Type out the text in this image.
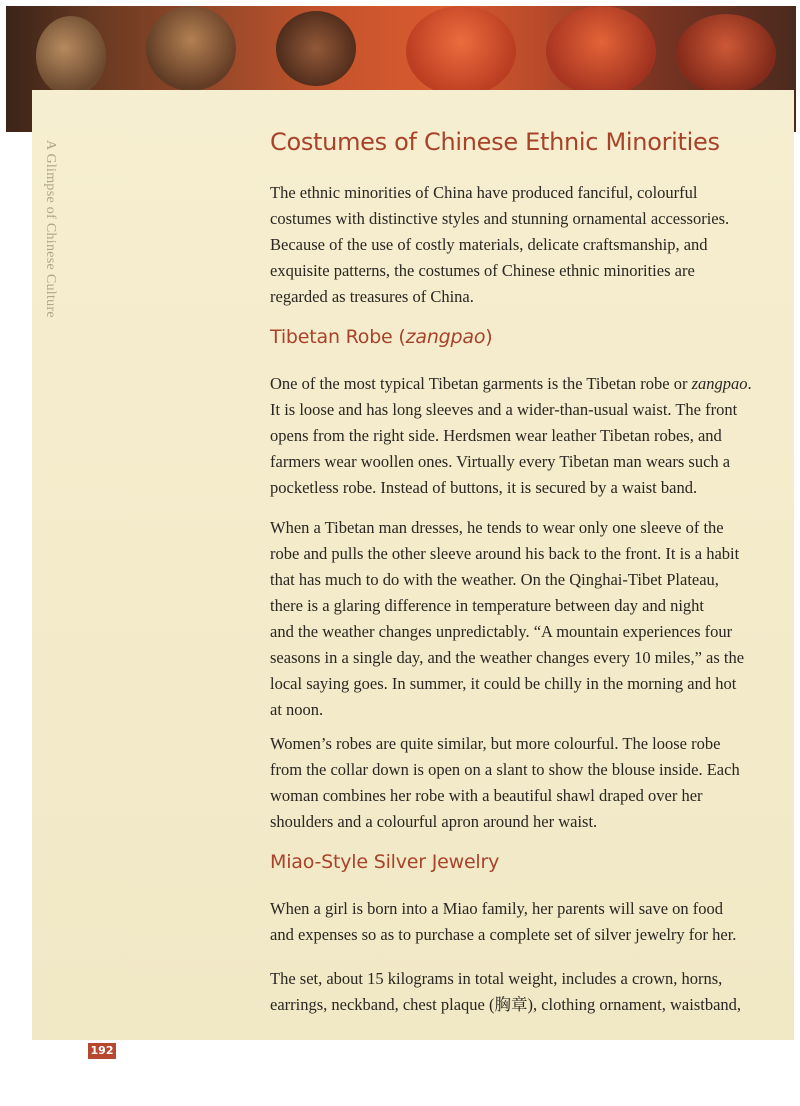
A Glimpse of Chinese Culture	Costumes of Chinese Ethnic Minorities

The ethnic minorities of China have produced fanciful, colourful
costumes with distinctive styles and stunning ornamental accessories.
Because of the use of costly materials, delicate craftsmanship, and
exquisite patterns, the costumes of Chinese ethnic minorities are
regarded as treasures of China.

Tibetan Robe (zangpao)

One of the most typical Tibetan garments is the Tibetan robe or zangpao.
It is loose and has long sleeves and a wider-than-usual waist. The front
opens from the right side. Herdsmen wear leather Tibetan robes, and
farmers wear woollen ones. Virtually every Tibetan man wears such a
pocketless robe. Instead of buttons, it is secured by a waist band.

When a Tibetan man dresses, he tends to wear only one sleeve of the
robe and pulls the other sleeve around his back to the front. It is a habit
that has much to do with the weather. On the Qinghai-Tibet Plateau,
there is a glaring difference in temperature between day and night
and the weather changes unpredictably. “A mountain experiences four
seasons in a single day, and the weather changes every 10 miles,” as the
local saying goes. In summer, it could be chilly in the morning and hot
at noon.

Women’s robes are quite similar, but more colourful. The loose robe
from the collar down is open on a slant to show the blouse inside. Each
woman combines her robe with a beautiful shawl draped over her
shoulders and a colourful apron around her waist.

Miao-Style Silver Jewelry

When a girl is born into a Miao family, her parents will save on food
and expenses so as to purchase a complete set of silver jewelry for her.

The set, about 15 kilograms in total weight, includes a crown, horns,
earrings, neckband, chest plaque (胸章), clothing ornament, waistband,

192
